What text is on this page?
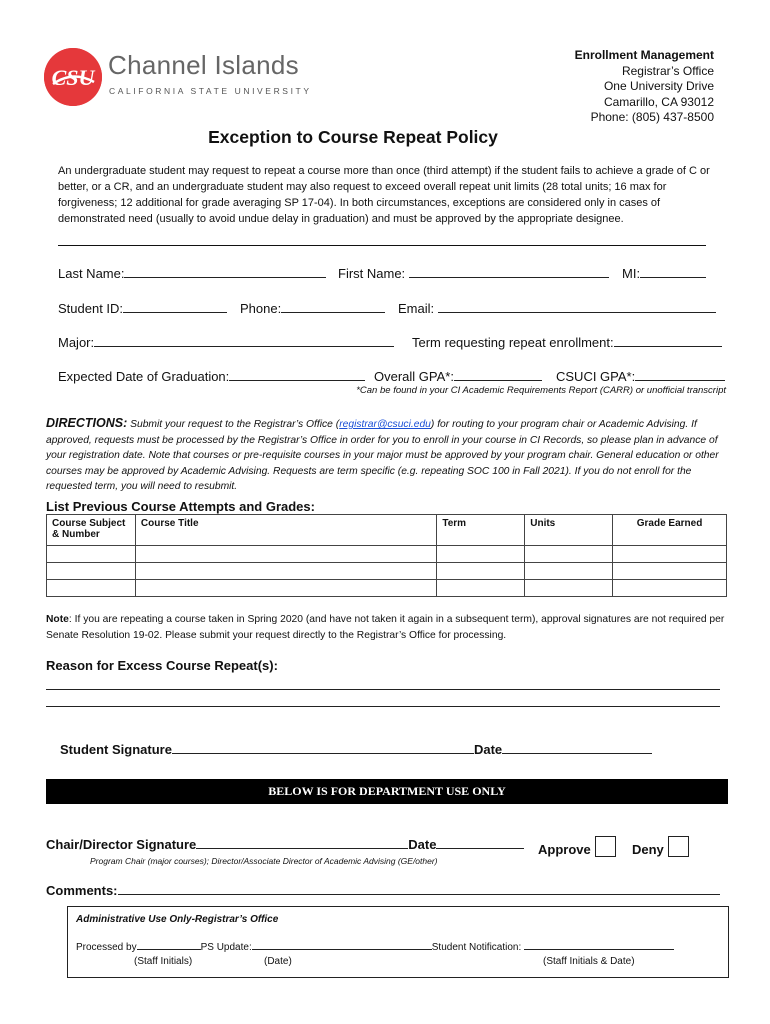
CSU Channel Islands
CALIFORNIA STATE UNIVERSITY
Enrollment Management
Registrar’s Office
One University Drive
Camarillo, CA 93012
Phone: (805) 437-8500
Exception to Course Repeat Policy
An undergraduate student may request to repeat a course more than once (third attempt) if the student fails to achieve a grade of C or better, or a CR, and an undergraduate student may also request to exceed overall repeat unit limits (28 total units; 16 max for forgiveness; 12 additional for grade averaging SP 17-04). In both circumstances, exceptions are considered only in cases of demonstrated need (usually to avoid undue delay in graduation) and must be approved by the appropriate designee.
Last Name:	First Name:	MI:
Student ID:	Phone:	Email:
Major:	Term requesting repeat enrollment:
Expected Date of Graduation:	Overall GPA*:	CSUCI GPA*:
*Can be found in your CI Academic Requirements Report (CARR) or unofficial transcript
DIRECTIONS: Submit your request to the Registrar’s Office (registrar@csuci.edu) for routing to your program chair or Academic Advising. If approved, requests must be processed by the Registrar’s Office in order for you to enroll in your course in CI Records, so please plan in advance of your registration date. Note that courses or pre-requisite courses in your major must be approved by your program chair. General education or other courses may be approved by Academic Advising. Requests are term specific (e.g. repeating SOC 100 in Fall 2021). If you do not enroll for the requested term, you will need to resubmit.
List Previous Course Attempts and Grades:
Course Subject & Number	Course Title	Term	Units	Grade Earned

Note: If you are repeating a course taken in Spring 2020 (and have not taken it again in a subsequent term), approval signatures are not required per Senate Resolution 19-02. Please submit your request directly to the Registrar’s Office for processing.
Reason for Excess Course Repeat(s):
Student Signature	Date
BELOW IS FOR DEPARTMENT USE ONLY
Chair/Director Signature	Date	Approve	Deny
Program Chair (major courses); Director/Associate Director of Academic Advising (GE/other)
Comments:
Administrative Use Only-Registrar’s Office
Processed by	PS Update:	Student Notification:
(Staff Initials)	(Date)	(Staff Initials & Date)
